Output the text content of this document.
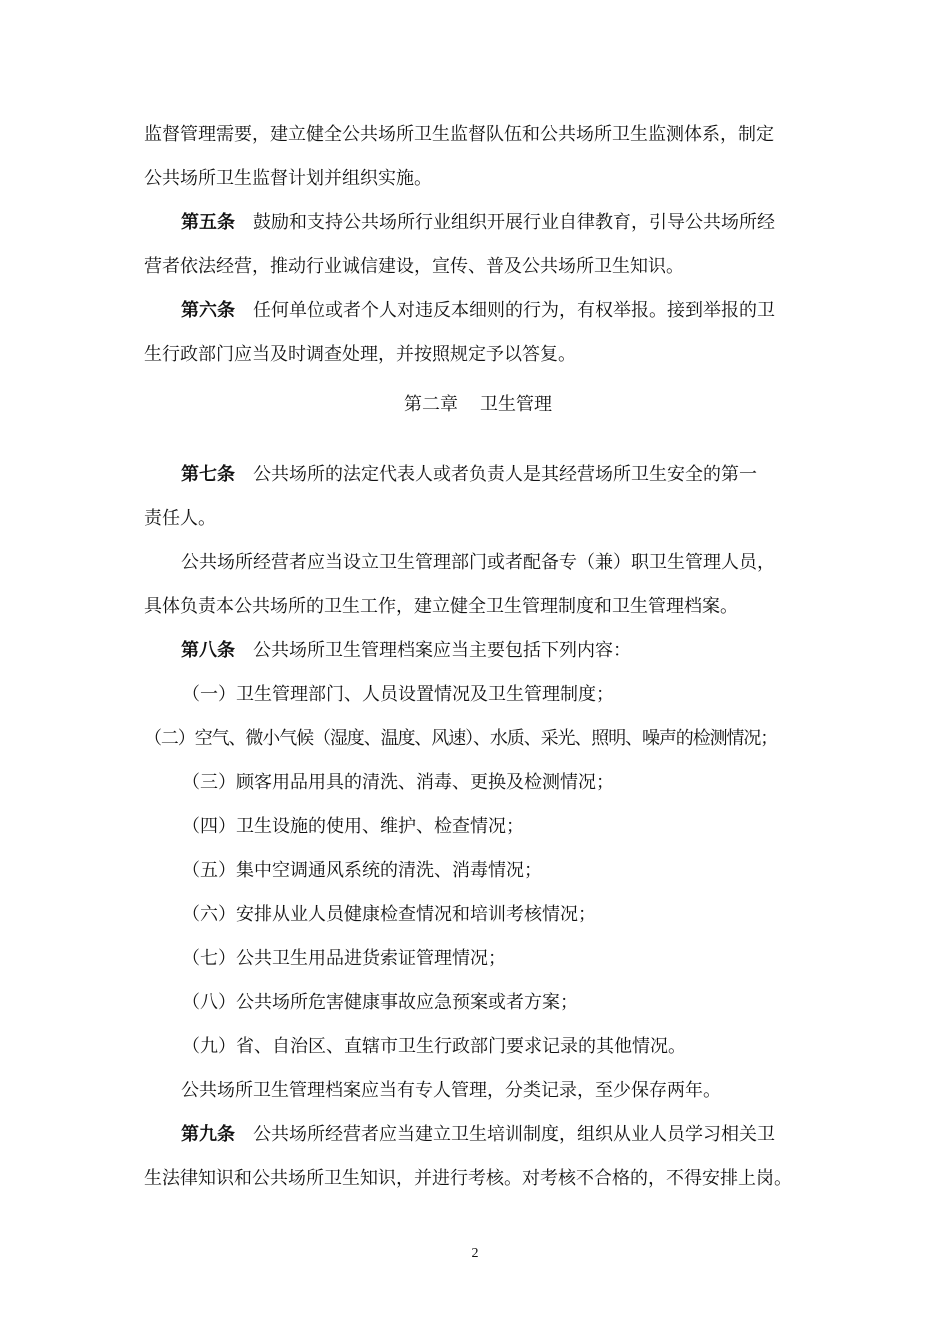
监督管理需要，建立健全公共场所卫生监督队伍和公共场所卫生监测体系，制定
公共场所卫生监督计划并组织实施。
第五条 鼓励和支持公共场所行业组织开展行业自律教育，引导公共场所经
营者依法经营，推动行业诚信建设，宣传、普及公共场所卫生知识。
第六条 任何单位或者个人对违反本细则的行为，有权举报。接到举报的卫
生行政部门应当及时调查处理，并按照规定予以答复。
第二章 卫生管理
第七条 公共场所的法定代表人或者负责人是其经营场所卫生安全的第一
责任人。
公共场所经营者应当设立卫生管理部门或者配备专（兼）职卫生管理人员，
具体负责本公共场所的卫生工作，建立健全卫生管理制度和卫生管理档案。
第八条 公共场所卫生管理档案应当主要包括下列内容：
（一）卫生管理部门、人员设置情况及卫生管理制度；
（二）空气、微小气候（湿度、温度、风速）、水质、采光、照明、噪声的检测情况；
（三）顾客用品用具的清洗、消毒、更换及检测情况；
（四）卫生设施的使用、维护、检查情况；
（五）集中空调通风系统的清洗、消毒情况；
（六）安排从业人员健康检查情况和培训考核情况；
（七）公共卫生用品进货索证管理情况；
（八）公共场所危害健康事故应急预案或者方案；
（九）省、自治区、直辖市卫生行政部门要求记录的其他情况。
公共场所卫生管理档案应当有专人管理，分类记录，至少保存两年。
第九条 公共场所经营者应当建立卫生培训制度，组织从业人员学习相关卫
生法律知识和公共场所卫生知识，并进行考核。对考核不合格的，不得安排上岗。
2
